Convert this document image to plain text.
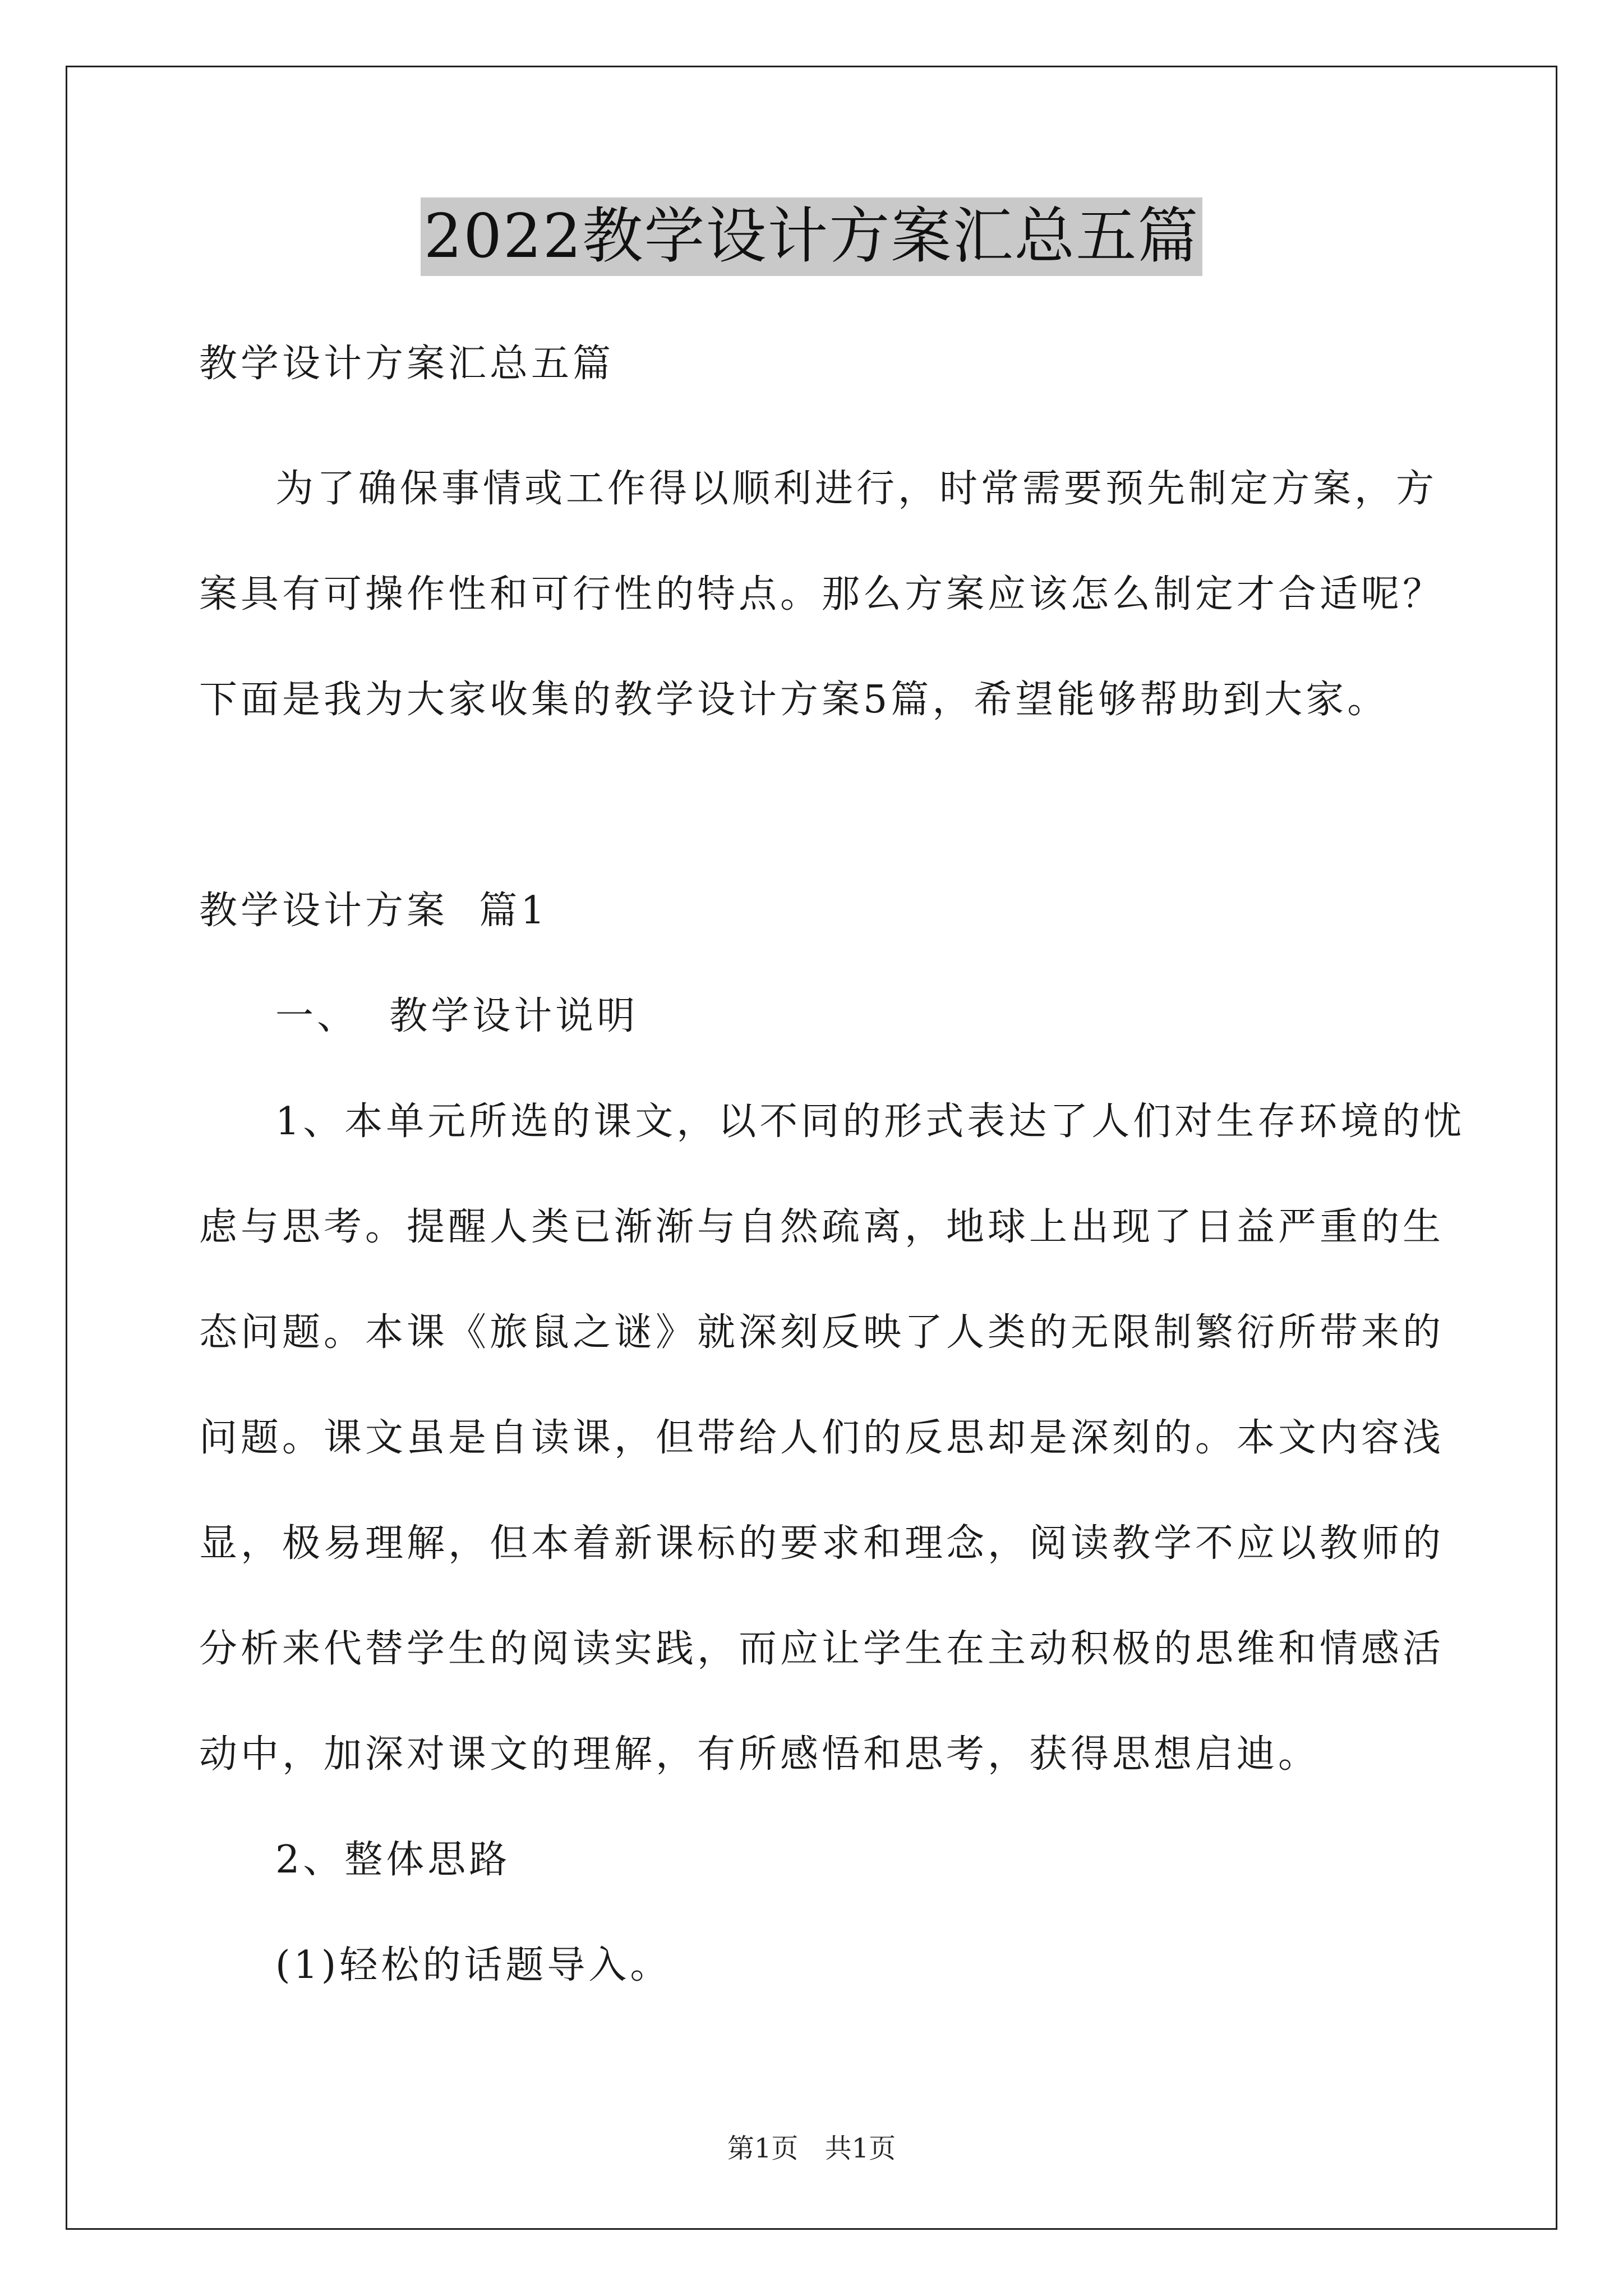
2022教学设计方案汇总五篇
教学设计方案汇总五篇
为了确保事情或工作得以顺利进行，时常需要预先制定方案，方
案具有可操作性和可行性的特点。那么方案应该怎么制定才合适呢？
下面是我为大家收集的教学设计方案5篇，希望能够帮助到大家。
教学设计方案  篇1
一、  教学设计说明
1、本单元所选的课文，以不同的形式表达了人们对生存环境的忧
虑与思考。提醒人类已渐渐与自然疏离，地球上出现了日益严重的生
态问题。本课《旅鼠之谜》就深刻反映了人类的无限制繁衍所带来的
问题。课文虽是自读课，但带给人们的反思却是深刻的。本文内容浅
显，极易理解，但本着新课标的要求和理念，阅读教学不应以教师的
分析来代替学生的阅读实践，而应让学生在主动积极的思维和情感活
动中，加深对课文的理解，有所感悟和思考，获得思想启迪。
2、整体思路
(1)轻松的话题导入。
第1页 共1页
